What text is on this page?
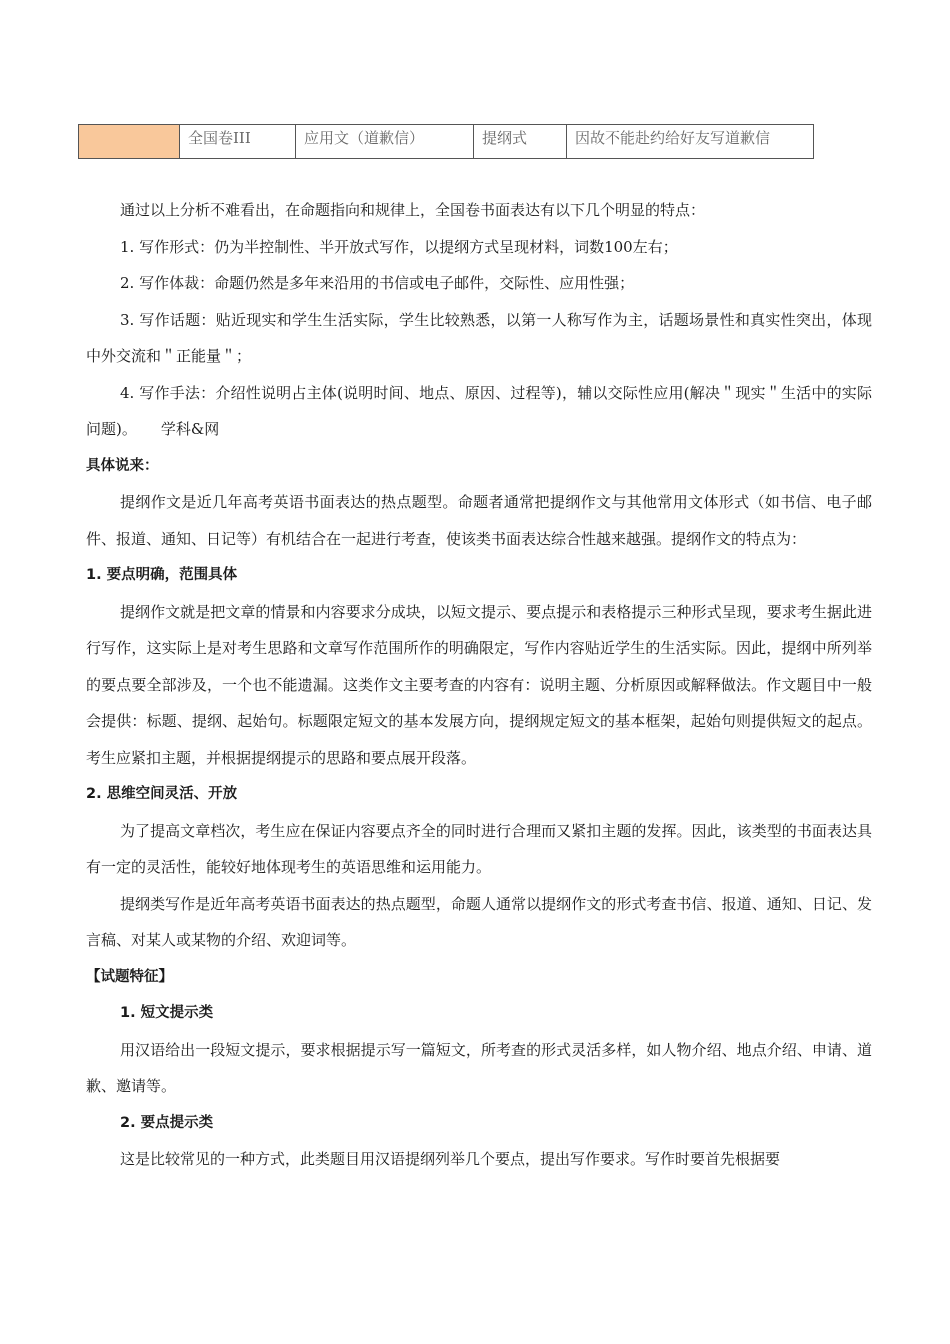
	全国卷III	应用文（道歉信）	提纲式	因故不能赴约给好友写道歉信

通过以上分析不难看出，在命题指向和规律上，全国卷书面表达有以下几个明显的特点：

1. 写作形式：仍为半控制性、半开放式写作，以提纲方式呈现材料，词数100左右；

2. 写作体裁：命题仍然是多年来沿用的书信或电子邮件，交际性、应用性强；

3. 写作话题：贴近现实和学生生活实际，学生比较熟悉，以第一人称写作为主，话题场景性和真实性突出，体现中外交流和＂正能量＂；

4. 写作手法：介绍性说明占主体(说明时间、地点、原因、过程等)，辅以交际性应用(解决＂现实＂生活中的实际问题)。 学科&网

具体说来：

提纲作文是近几年高考英语书面表达的热点题型。命题者通常把提纲作文与其他常用文体形式（如书信、电子邮件、报道、通知、日记等）有机结合在一起进行考查，使该类书面表达综合性越来越强。提纲作文的特点为：

1. 要点明确，范围具体

提纲作文就是把文章的情景和内容要求分成块，以短文提示、要点提示和表格提示三种形式呈现，要求考生据此进行写作，这实际上是对考生思路和文章写作范围所作的明确限定，写作内容贴近学生的生活实际。因此，提纲中所列举的要点要全部涉及，一个也不能遗漏。这类作文主要考查的内容有：说明主题、分析原因或解释做法。作文题目中一般会提供：标题、提纲、起始句。标题限定短文的基本发展方向，提纲规定短文的基本框架，起始句则提供短文的起点。考生应紧扣主题，并根据提纲提示的思路和要点展开段落。

2. 思维空间灵活、开放

为了提高文章档次，考生应在保证内容要点齐全的同时进行合理而又紧扣主题的发挥。因此，该类型的书面表达具有一定的灵活性，能较好地体现考生的英语思维和运用能力。

提纲类写作是近年高考英语书面表达的热点题型，命题人通常以提纲作文的形式考查书信、报道、通知、日记、发言稿、对某人或某物的介绍、欢迎词等。

【试题特征】

1. 短文提示类

用汉语给出一段短文提示，要求根据提示写一篇短文，所考查的形式灵活多样，如人物介绍、地点介绍、申请、道歉、邀请等。

2. 要点提示类

这是比较常见的一种方式，此类题目用汉语提纲列举几个要点，提出写作要求。写作时要首先根据要
